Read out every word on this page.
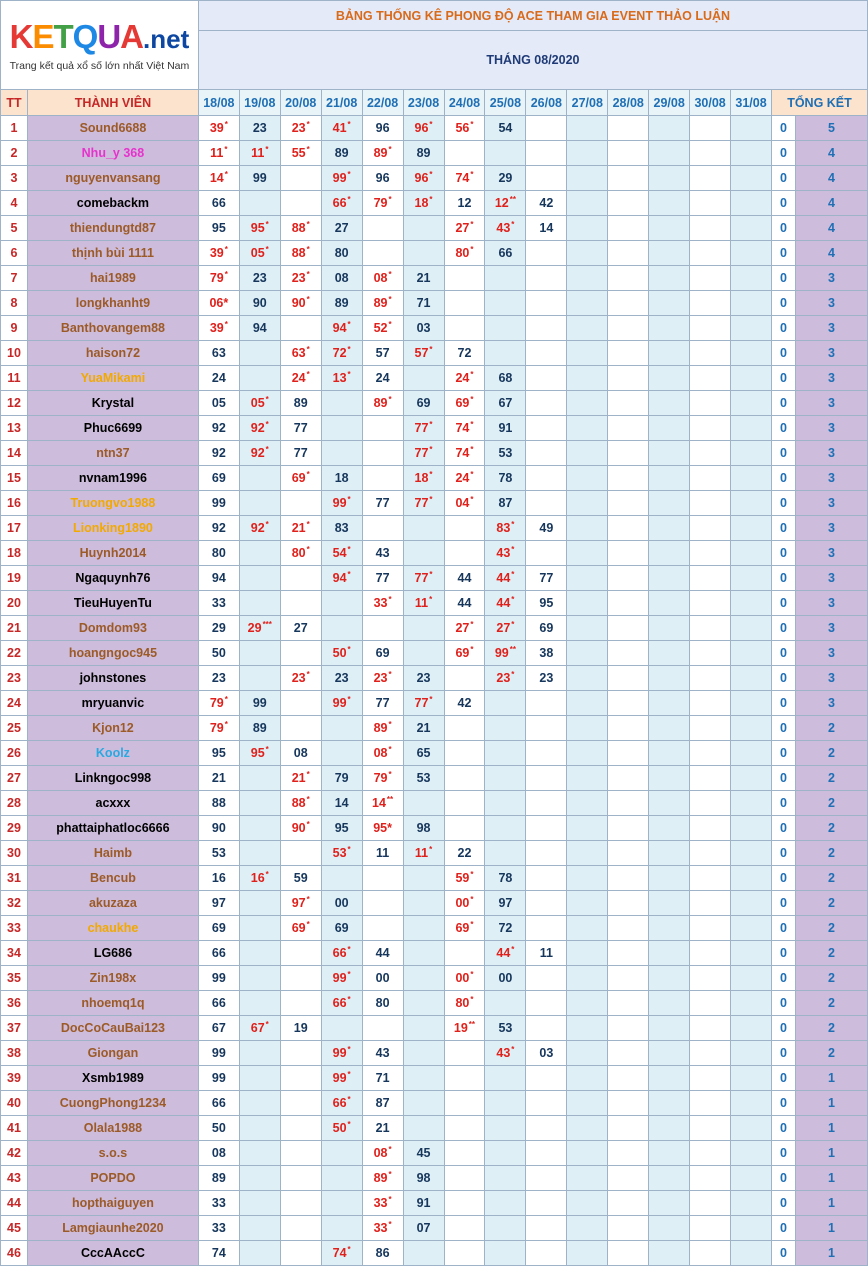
KETQUA.net
Trang kết quả xổ số lớn nhất Việt Nam		BẢNG THỐNG KÊ PHONG ĐỘ ACE THAM GIA EVENT THẢO LUẬN															
		THÁNG 08/2020															
TT	THÀNH VIÊN	18/08	19/08	20/08	21/08	22/08	23/08	24/08	25/08	26/08	27/08	28/08	29/08	30/08	31/08	TỔNG KẾT	
1	Sound6688	39*	23	23*	41*	96	96*	56*	54							0	5
2	Nhu_y 368	11*	11*	55*	89	89*	89									0	4
3	nguyenvansang	14*	99		99*	96	96*	74*	29							0	4
4	comebackm	66			66*	79*	18*	12	12**	42						0	4
5	thiendungtd87	95	95*	88*	27			27*	43*	14						0	4
6	thịnh bùi 1111	39*	05*	88*	80			80*	66							0	4
7	hai1989	79*	23	23*	08	08*	21									0	3
8	longkhanht9	06*	90	90*	89	89*	71									0	3
9	Banthovangem88	39*	94		94*	52*	03									0	3
10	haison72	63		63*	72*	57	57*	72								0	3
11	YuaMikami	24		24*	13*	24		24*	68							0	3
12	Krystal	05	05*	89		89*	69	69*	67							0	3
13	Phuc6699	92	92*	77			77*	74*	91							0	3
14	ntn37	92	92*	77			77*	74*	53							0	3
15	nvnam1996	69		69*	18		18*	24*	78							0	3
16	Truongvo1988	99			99*	77	77*	04*	87							0	3
17	Lionking1890	92	92*	21*	83				83*	49						0	3
18	Huynh2014	80		80*	54*	43			43*							0	3
19	Ngaquynh76	94			94*	77	77*	44	44*	77						0	3
20	TieuHuyenTu	33				33*	11*	44	44*	95						0	3
21	Domdom93	29	29***	27				27*	27*	69						0	3
22	hoangngoc945	50			50*	69		69*	99**	38						0	3
23	johnstones	23		23*	23	23*	23		23*	23						0	3
24	mryuanvic	79*	99		99*	77	77*	42								0	3
25	Kjon12	79*	89			89*	21									0	2
26	Koolz	95	95*	08		08*	65									0	2
27	Linkngoc998	21		21*	79	79*	53									0	2
28	acxxx	88		88*	14	14**										0	2
29	phattaiphatloc6666	90		90*	95	95*	98									0	2
30	Haimb	53			53*	11	11*	22								0	2
31	Bencub	16	16*	59				59*	78							0	2
32	akuzaza	97		97*	00			00*	97							0	2
33	chaukhe	69		69*	69			69*	72							0	2
34	LG686	66			66*	44			44*	11						0	2
35	Zin198x	99			99*	00		00*	00							0	2
36	nhoemq1q	66			66*	80		80*								0	2
37	DocCoCauBai123	67	67*	19				19**	53							0	2
38	Giongan	99			99*	43			43*	03						0	2
39	Xsmb1989	99			99*	71										0	1
40	CuongPhong1234	66			66*	87										0	1
41	Olala1988	50			50*	21										0	1
42	s.o.s	08				08*	45									0	1
43	POPDO	89				89*	98									0	1
44	hopthaiguyen	33				33*	91									0	1
45	Lamgiaunhe2020	33				33*	07									0	1
46	CccAAccC	74			74*	86										0	1
